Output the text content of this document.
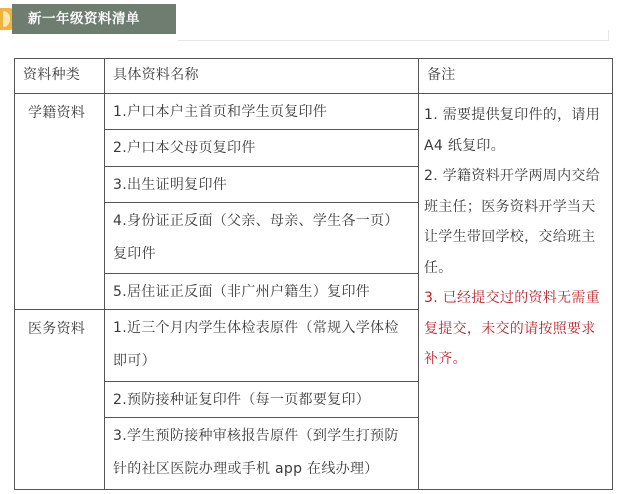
新一年级资料清单
资料种类	具体资料名称	备注
学籍资料	1.户口本户主首页和学生页复印件	1. 需要提供复印件的，请用A4 纸复印。
2. 学籍资料开学两周内交给班主任；医务资料开学当天让学生带回学校，交给班主任。
3. 已经提交过的资料无需重复提交，未交的请按照要求补齐。

	2.户口本父母页复印件	
	3.出生证明复印件	
	4.身份证正反面（父亲、母亲、学生各一页）复印件	
	5.居住证正反面（非广州户籍生）复印件	
医务资料	1.近三个月内学生体检表原件（常规入学体检即可）	
	2.预防接种证复印件（每一页都要复印）	
	3.学生预防接种审核报告原件（到学生打预防针的社区医院办理或手机 app 在线办理）	
